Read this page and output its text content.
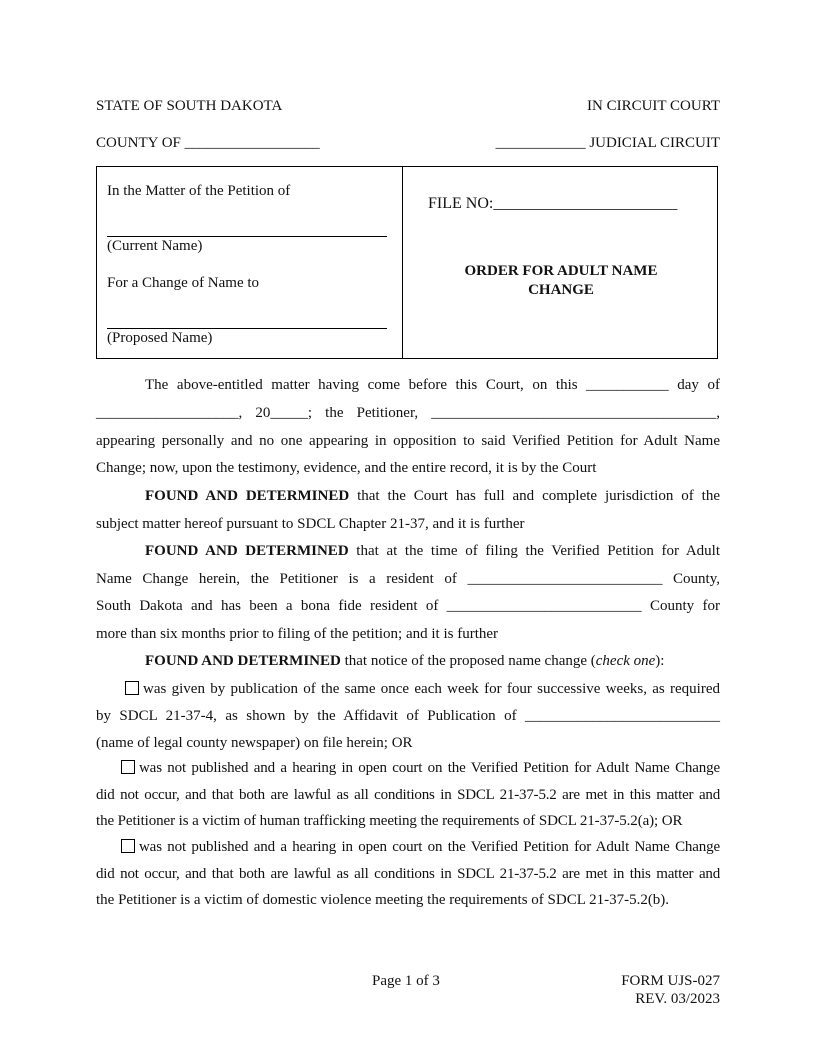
STATE OF SOUTH DAKOTA	IN CIRCUIT COURT
COUNTY OF __________________	____________ JUDICIAL CIRCUIT
In the Matter of the Petition of
(Current Name)
For a Change of Name to
(Proposed Name)
FILE NO:_______________________
ORDER FOR ADULT NAME
CHANGE
The above-entitled matter having come before this Court, on this ___________ day of
___________________, 20_____; the Petitioner, ______________________________________,
appearing personally and no one appearing in opposition to said Verified Petition for Adult Name
Change; now, upon the testimony, evidence, and the entire record, it is by the Court
FOUND AND DETERMINED that the Court has full and complete jurisdiction of the
subject matter hereof pursuant to SDCL Chapter 21-37, and it is further
FOUND AND DETERMINED that at the time of filing the Verified Petition for Adult
Name Change herein, the Petitioner is a resident of __________________________ County,
South Dakota and has been a bona fide resident of __________________________ County for
more than six months prior to filing of the petition; and it is further
FOUND AND DETERMINED that notice of the proposed name change (check one):
was given by publication of the same once each week for four successive weeks, as required
by SDCL 21-37-4, as shown by the Affidavit of Publication of __________________________
(name of legal county newspaper) on file herein; OR
was not published and a hearing in open court on the Verified Petition for Adult Name Change
did not occur, and that both are lawful as all conditions in SDCL 21-37-5.2 are met in this matter and
the Petitioner is a victim of human trafficking meeting the requirements of SDCL 21-37-5.2(a); OR
was not published and a hearing in open court on the Verified Petition for Adult Name Change
did not occur, and that both are lawful as all conditions in SDCL 21-37-5.2 are met in this matter and
the Petitioner is a victim of domestic violence meeting the requirements of SDCL 21-37-5.2(b).
Page 1 of 3	FORM UJS-027
REV. 03/2023
